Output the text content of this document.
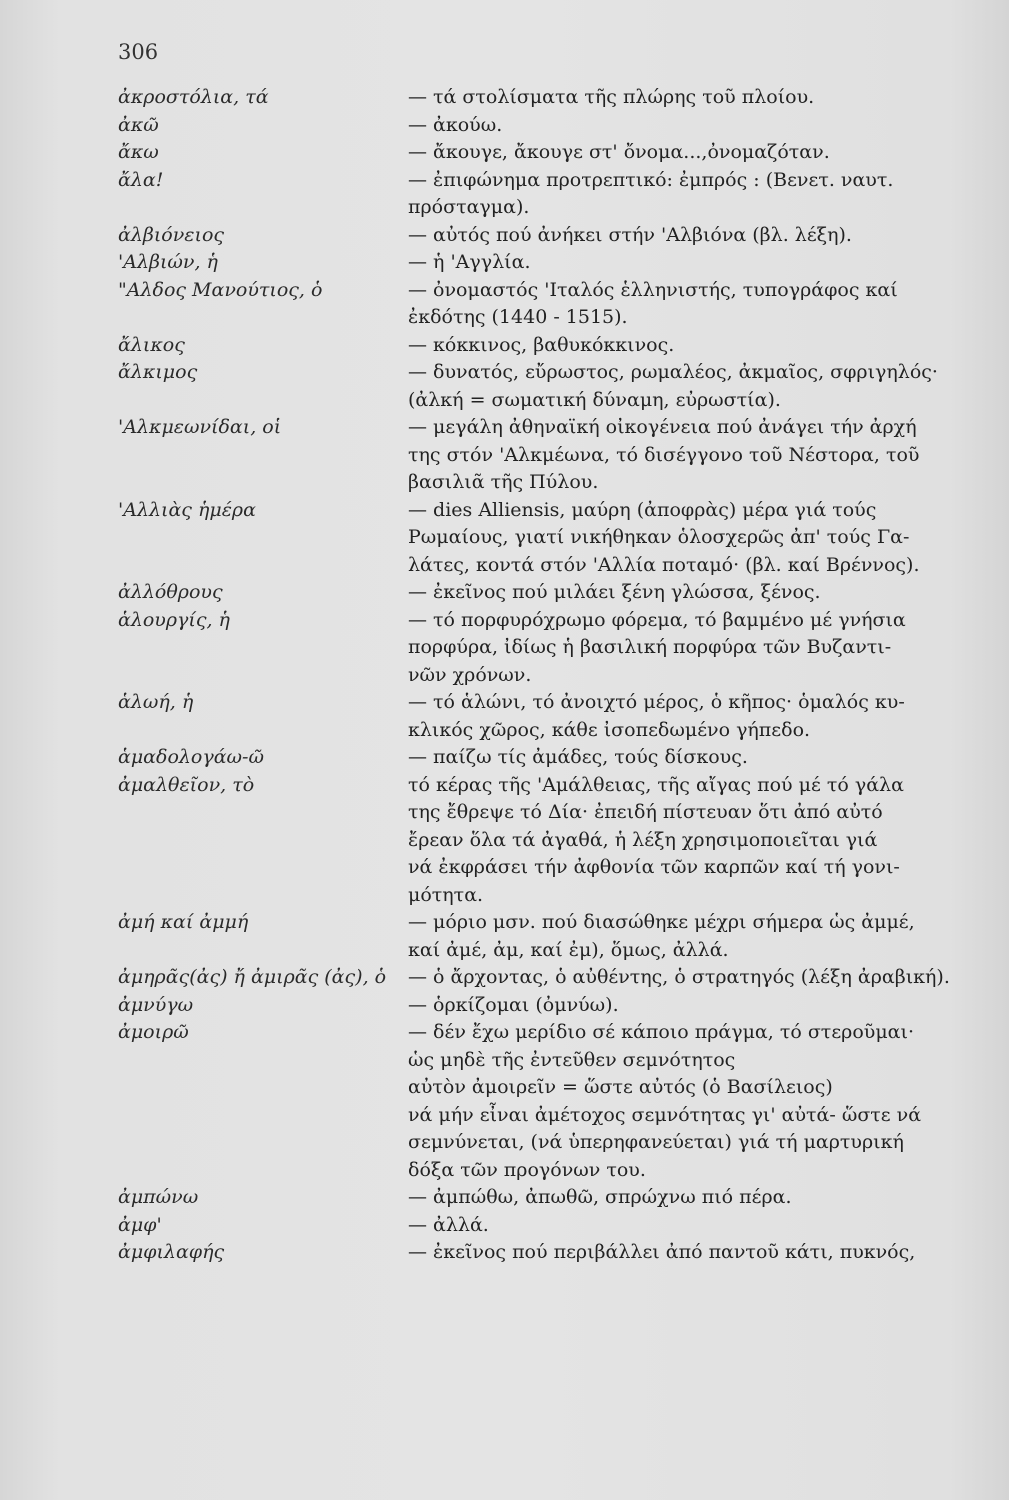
306
ἀκροστόλια, τά	— τά στολίσματα τῆς πλώρης τοῦ πλοίου.
ἀκῶ	— ἀκούω.
ἄκω	— ἄκουγε, ἄκουγε στ' ὄνομα...,ὀνομαζόταν.
ἄλα!	— ἐπιφώνημα προτρεπτικό: ἐμπρός : (Βενετ. ναυτ.
πρόσταγμα).
ἀλβιόνειος	— αὐτός πού ἀνήκει στήν 'Αλβιόνα (βλ. λέξη).
'Αλβιών, ἡ	— ἡ 'Αγγλία.
"Αλδος Μανούτιος, ὁ	— ὀνομαστός 'Ιταλός ἑλληνιστής, τυπογράφος καί
ἐκδότης (1440 - 1515).
ἄλικος	— κόκκινος, βαθυκόκκινος.
ἄλκιμος	— δυνατός, εὔρωστος, ρωμαλέος, ἀκμαῖος, σφριγηλός·
(ἀλκή = σωματική δύναμη, εὐρωστία).
'Αλκμεωνίδαι, οἱ	— μεγάλη ἀθηναϊκή οἰκογένεια πού ἀνάγει τήν ἀρχή
της στόν 'Αλκμέωνα, τό δισέγγονο τοῦ Νέστορα, τοῦ
βασιλιᾶ τῆς Πύλου.
'Αλλιὰς ἡμέρα	— dies Alliensis, μαύρη (ἀποφρὰς) μέρα γιά τούς
Ρωμαίους, γιατί νικήθηκαν ὁλοσχερῶς ἀπ' τούς Γα-
λάτες, κοντά στόν 'Αλλία ποταμό· (βλ. καί Βρέννος).
ἀλλόθρους	— ἐκεῖνος πού μιλάει ξένη γλώσσα, ξένος.
ἁλουργίς, ἡ	— τό πορφυρόχρωμο φόρεμα, τό βαμμένο μέ γνήσια
πορφύρα, ἰδίως ἡ βασιλική πορφύρα τῶν Βυζαντι-
νῶν χρόνων.
ἁλωή, ἡ	— τό ἁλώνι, τό ἀνοιχτό μέρος, ὁ κῆπος· ὁμαλός κυ-
κλικός χῶρος, κάθε ἰσοπεδωμένο γήπεδο.
ἁμαδολογάω-ῶ	— παίζω τίς ἀμάδες, τούς δίσκους.
ἀμαλθεῖον, τὸ	τό κέρας τῆς 'Αμάλθειας, τῆς αἴγας πού μέ τό γάλα
της ἔθρεψε τό Δία· ἐπειδή πίστευαν ὅτι ἀπό αὐτό
ἔρεαν ὅλα τά ἀγαθά, ἡ λέξη χρησιμοποιεῖται γιά
νά ἐκφράσει τήν ἀφθονία τῶν καρπῶν καί τή γονι-
μότητα.
ἀμή καί ἀμμή	— μόριο μσν. πού διασώθηκε μέχρι σήμερα ὡς ἀμμέ,
καί ἀμέ, ἀμ, καί ἐμ), ὅμως, ἀλλά.
ἀμηρᾶς(ἀς) ἤ ἀμιρᾶς (ἀς), ὁ	— ὁ ἄρχοντας, ὁ αὐθέντης, ὁ στρατηγός (λέξη ἀραβική).
ἀμνύγω	— ὁρκίζομαι (ὀμνύω).
ἀμοιρῶ	— δέν ἔχω μερίδιο σέ κάποιο πράγμα, τό στεροῦμαι·
ὡς μηδὲ τῆς ἐντεῦθεν σεμνότητος
αὐτὸν ἀμοιρεῖν = ὥστε αὐτός (ὁ Βασίλειος)
νά μήν εἶναι ἀμέτοχος σεμνότητας γι' αὐτά- ὥστε νά
σεμνύνεται, (νά ὑπερηφανεύεται) γιά τή μαρτυρική
δόξα τῶν προγόνων του.
ἀμπώνω	— ἀμπώθω, ἀπωθῶ, σπρώχνω πιό πέρα.
ἀμφ'	— ἀλλά.
ἀμφιλαφής	— ἐκεῖνος πού περιβάλλει ἀπό παντοῦ κάτι, πυκνός,
